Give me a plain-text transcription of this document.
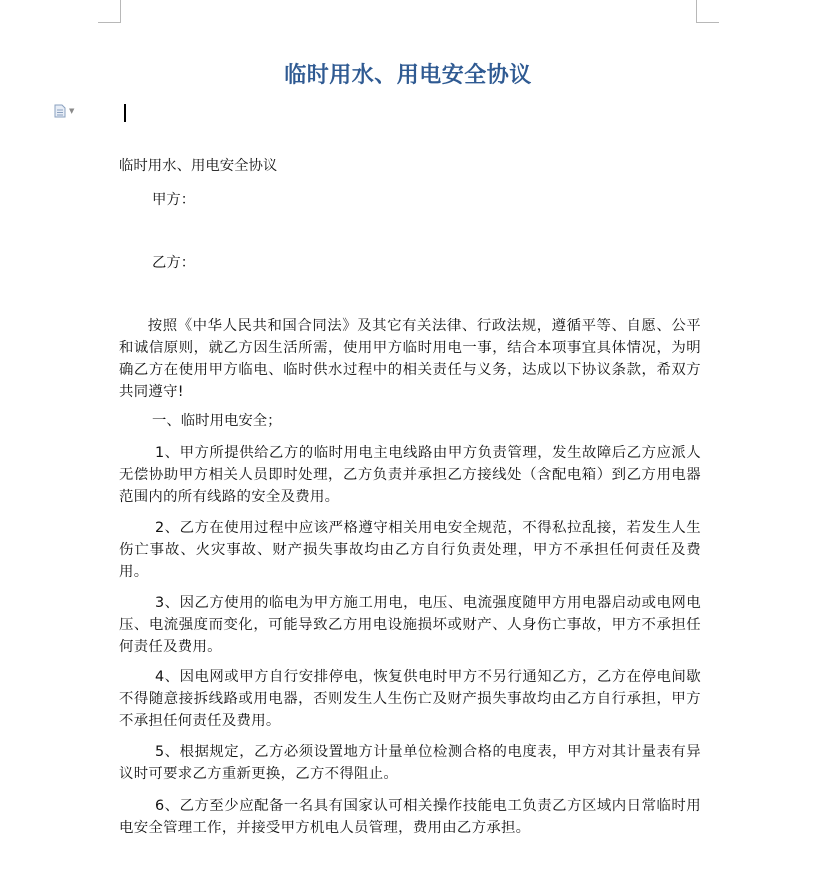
临时用水、用电安全协议
▼
临时用水、用电安全协议
甲方：
乙方：

按照《中华人民共和国合同法》及其它有关法律、行政法规，遵循平等、自愿、公平和诚信原则，就乙方因生活所需，使用甲方临时用电一事，结合本项事宜具体情况，为明确乙方在使用甲方临电、临时供水过程中的相关责任与义务，达成以下协议条款，希双方共同遵守!

一、临时用电安全；

1、甲方所提供给乙方的临时用电主电线路由甲方负责管理，发生故障后乙方应派人无偿协助甲方相关人员即时处理，乙方负责并承担乙方接线处（含配电箱）到乙方用电器范围内的所有线路的安全及费用。

2、乙方在使用过程中应该严格遵守相关用电安全规范，不得私拉乱接，若发生人生伤亡事故、火灾事故、财产损失事故均由乙方自行负责处理，甲方不承担任何责任及费用。

3、因乙方使用的临电为甲方施工用电，电压、电流强度随甲方用电器启动或电网电压、电流强度而变化，可能导致乙方用电设施损坏或财产、人身伤亡事故，甲方不承担任何责任及费用。

4、因电网或甲方自行安排停电，恢复供电时甲方不另行通知乙方，乙方在停电间歇不得随意接拆线路或用电器，否则发生人生伤亡及财产损失事故均由乙方自行承担，甲方不承担任何责任及费用。

5、根据规定，乙方必须设置地方计量单位检测合格的电度表，甲方对其计量表有异议时可要求乙方重新更换，乙方不得阻止。

6、乙方至少应配备一名具有国家认可相关操作技能电工负责乙方区域内日常临时用电安全管理工作，并接受甲方机电人员管理，费用由乙方承担。
